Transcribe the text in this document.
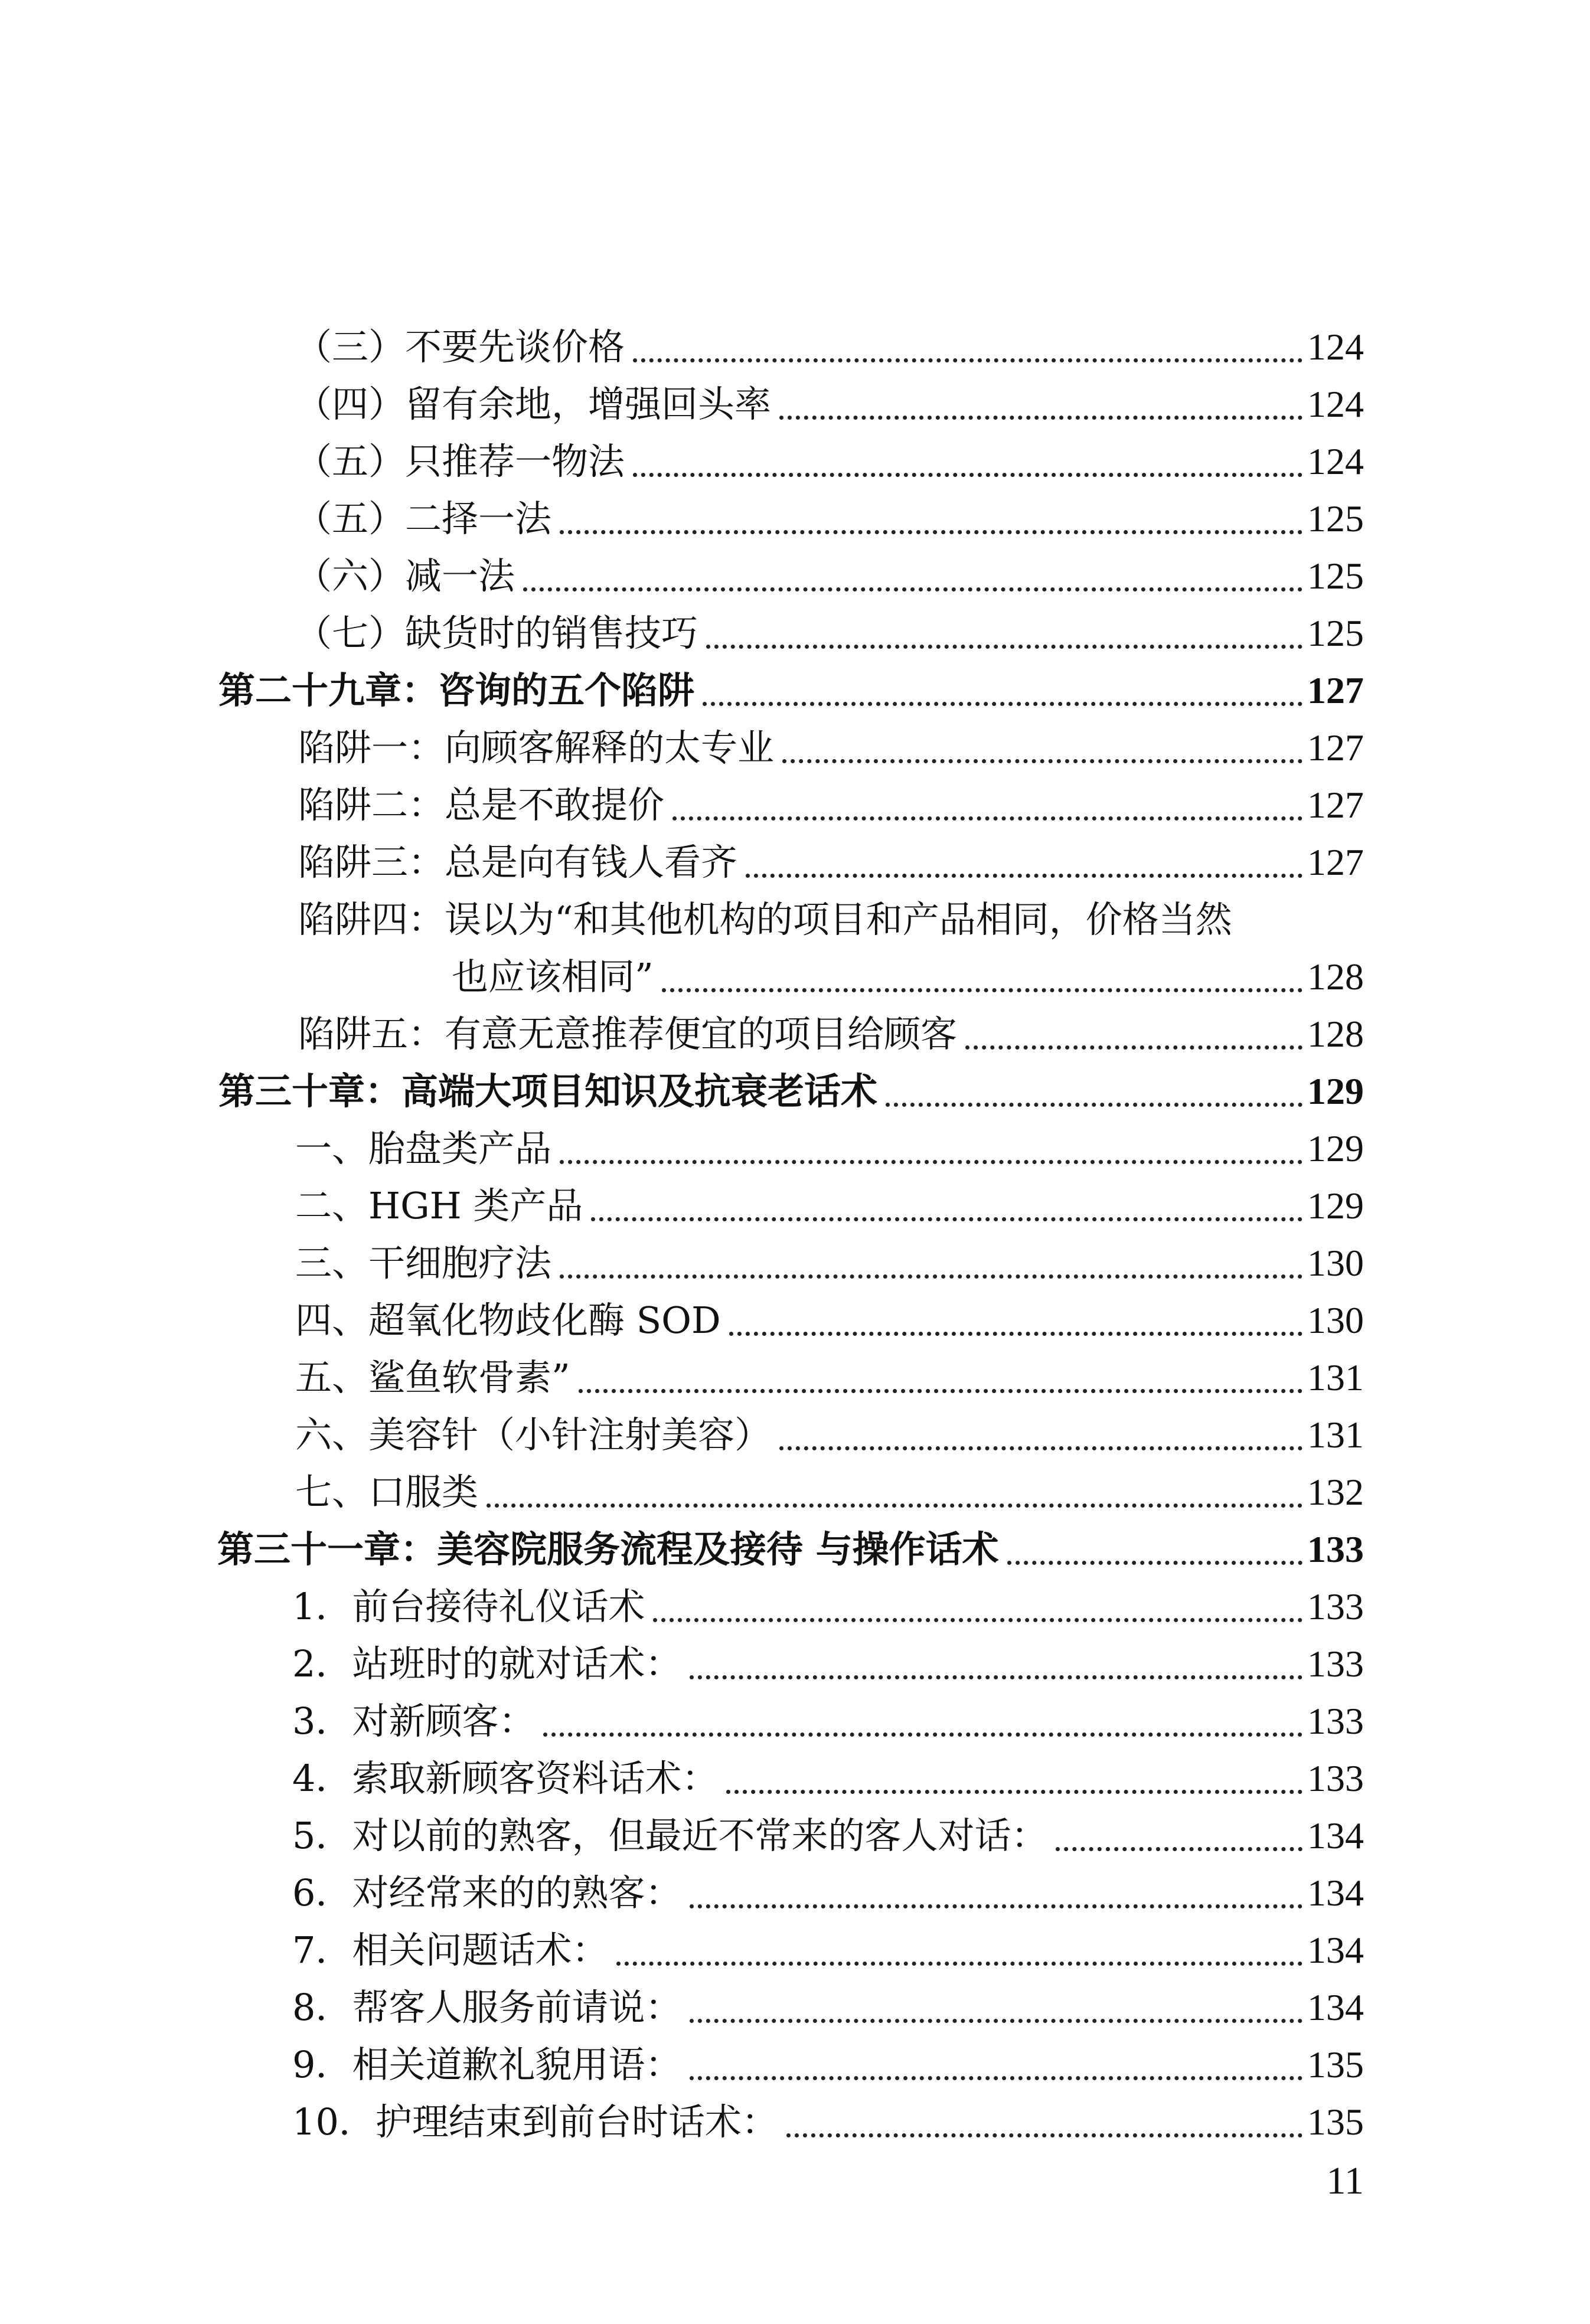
（三）不要先谈价格	124
（四）留有余地，增强回头率	124
（五）只推荐一物法	124
（五）二择一法	125
（六）减一法	125
（七）缺货时的销售技巧	125
第二十九章：咨询的五个陷阱	127
陷阱一：向顾客解释的太专业	127
陷阱二：总是不敢提价	127
陷阱三：总是向有钱人看齐	127
陷阱四：误以为“和其他机构的项目和产品相同，价格当然
也应该相同”	128
陷阱五：有意无意推荐便宜的项目给顾客	128
第三十章：高端大项目知识及抗衰老话术	129
一、胎盘类产品	129
二、HGH 类产品	129
三、干细胞疗法	130
四、超氧化物歧化酶 SOD	130
五、鲨鱼软骨素”	131
六、美容针（小针注射美容）	131
七、口服类	132
第三十一章：美容院服务流程及接待 与操作话术	133
1．前台接待礼仪话术	133
2．站班时的就对话术：	133
3．对新顾客：	133
4．索取新顾客资料话术：	133
5．对以前的熟客，但最近不常来的客人对话：	134
6．对经常来的的熟客：	134
7．相关问题话术：	134
8．帮客人服务前请说：	134
9．相关道歉礼貌用语：	135
10．护理结束到前台时话术：	135
11
